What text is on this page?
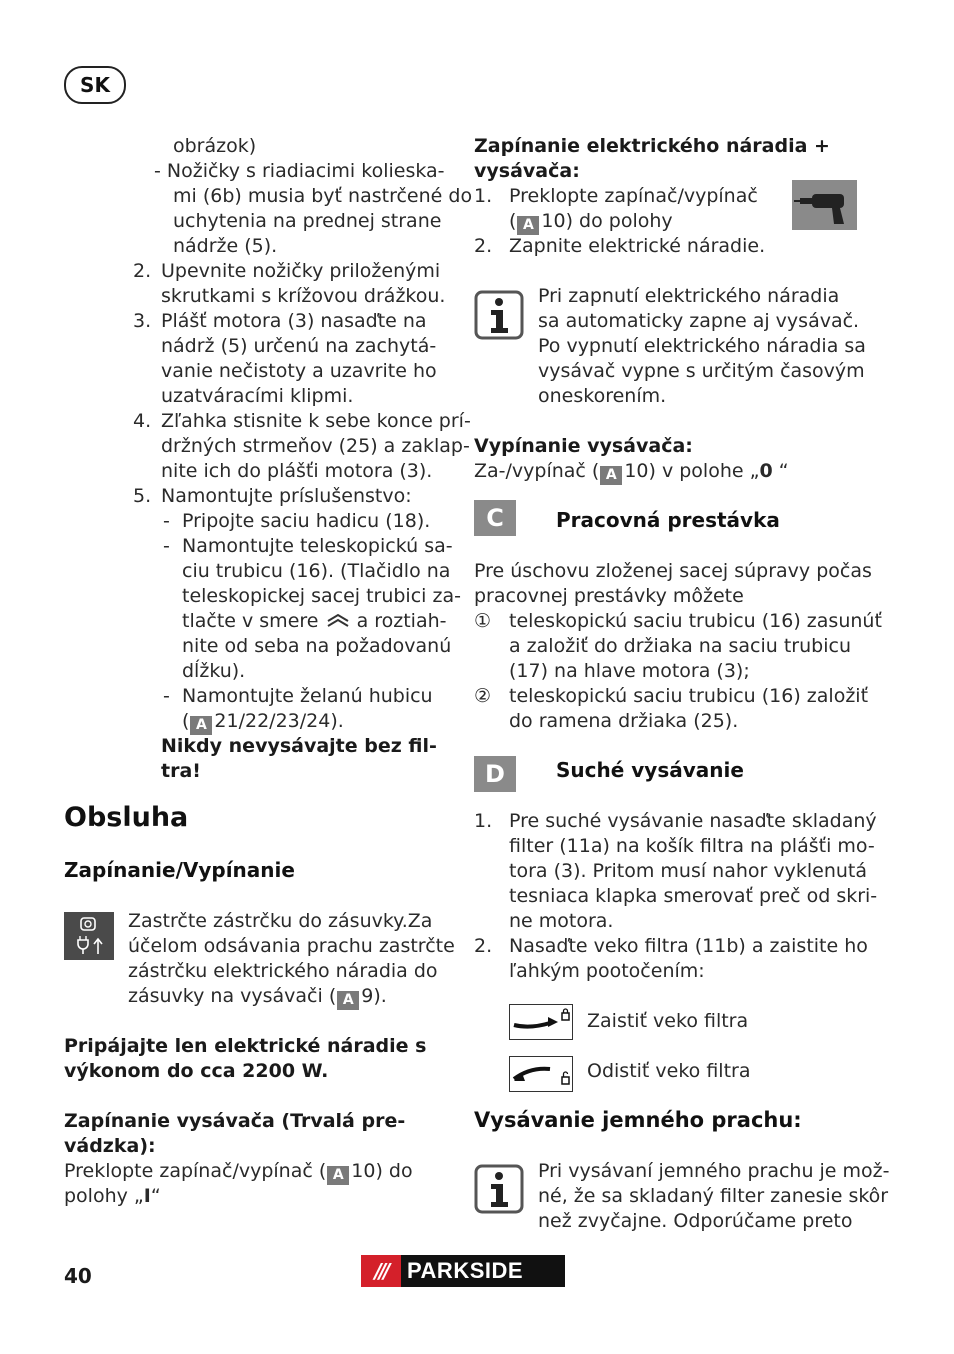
SK
obrázok)
- Nožičky s riadiacimi kolieska-
mi (6b) musia byť nastrčené do
uchytenia na prednej strane
nádrže (5).
2. Upevnite nožičky priloženými
skrutkami s krížovou drážkou.
3. Plášť motora (3) nasaďte na
nádrž (5) určenú na zachytá-
vanie nečistoty a uzavrite ho
uzatváracími klipmi.
4. Zľahka stisnite k sebe konce prí-
držných strmeňov (25) a zaklap-
nite ich do plášťi motora (3).
5. Namontujte príslušenstvo:
- Pripojte saciu hadicu (18).
- Namontujte teleskopickú sa-
ciu trubicu (16). (Tlačidlo na
teleskopickej sacej trubici za-
tlačte v smere a roztiah-
nite od seba na požadovanú
dĺžku).
- Namontujte želanú hubicu
( A 21/22/23/24).
Nikdy nevysávajte bez fil-
tra!
Obsluha
Zapínanie/Vypínanie
Zastrčte zástrčku do zásuvky.Za
účelom odsávania prachu zastrčte
zástrčku elektrického náradia do
zásuvky na vysávači ( A 9).
Pripájajte len elektrické náradie s
výkonom do cca 2200 W.
Zapínanie vysávača (Trvalá pre-
vádzka):
Preklopte zapínač/vypínač ( A 10) do
polohy „I“
Zapínanie elektrického náradia +
vysávača:
1. Preklopte zapínač/vypínač
( A 10) do polohy
2. Zapnite elektrické náradie.
Pri zapnutí elektrického náradia
sa automaticky zapne aj vysávač.
Po vypnutí elektrického náradia sa
vysávač vypne s určitým časovým
oneskorením.
Vypínanie vysávača:
Za-/vypínač ( A 10) v polohe „0 “
C	Pracovná prestávka
Pre úschovu zloženej sacej súpravy počas
pracovnej prestávky môžete
① teleskopickú saciu trubicu (16) zasunúť
a založiť do držiaka na saciu trubicu
(17) na hlave motora (3);
② teleskopickú saciu trubicu (16) založiť
do ramena držiaka (25).
D	Suché vysávanie
1. Pre suché vysávanie nasaďte skladaný
filter (11a) na košík filtra na plášťi mo-
tora (3). Pritom musí nahor vyklenutá
tesniaca klapka smerovať preč od skri-
ne motora.
2. Nasaďte veko filtra (11b) a zaistite ho
ľahkým pootočením:
Zaistiť veko filtra
Odistiť veko filtra
Vysávanie jemného prachu:
Pri vysávaní jemného prachu je mož-
né, že sa skladaný filter zanesie skôr
než zvyčajne. Odporúčame preto
40	/// PARKSIDE
